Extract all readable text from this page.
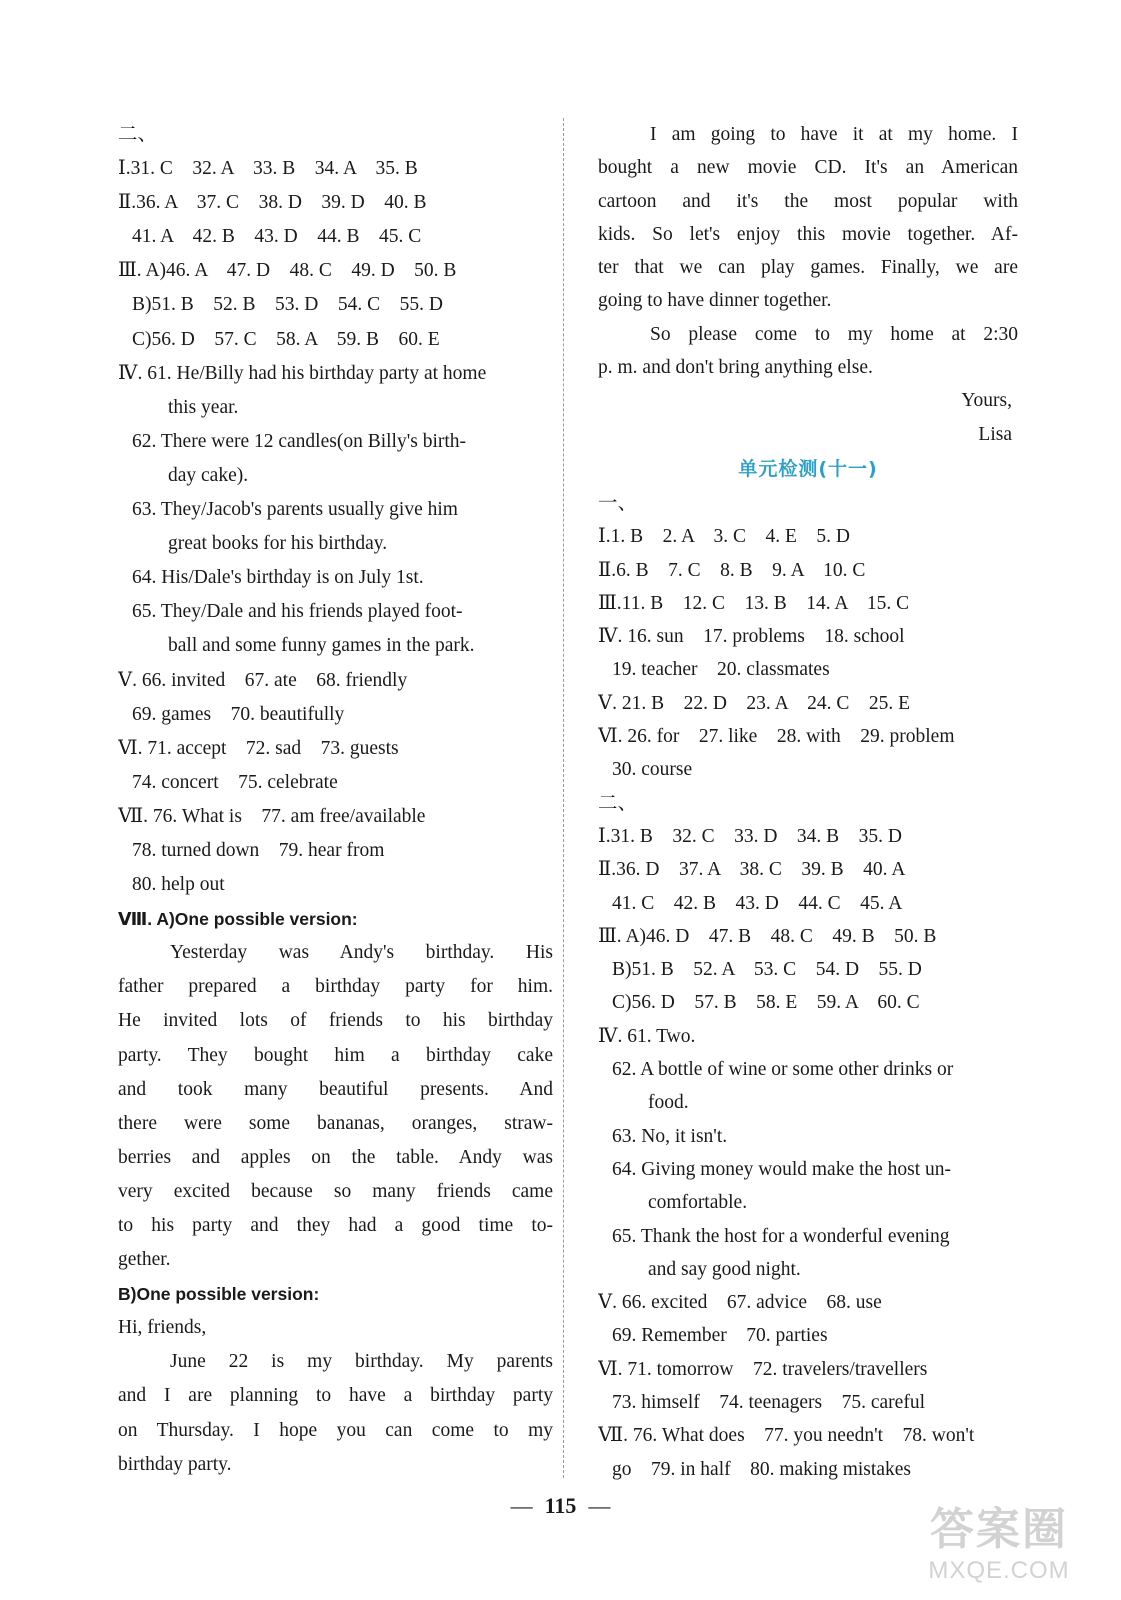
二、
Ⅰ.31. C　32. A　33. B　34. A　35. B
Ⅱ.36. A　37. C　38. D　39. D　40. B
41. A　42. B　43. D　44. B　45. C
Ⅲ. A)46. A　47. D　48. C　49. D　50. B
B)51. B　52. B　53. D　54. C　55. D
C)56. D　57. C　58. A　59. B　60. E
Ⅳ. 61. He/Billy had his birthday party at home
this year.
62. There were 12 candles(on Billy's birth-
day cake).
63. They/Jacob's parents usually give him
great books for his birthday.
64. His/Dale's birthday is on July 1st.
65. They/Dale and his friends played foot-
ball and some funny games in the park.
Ⅴ. 66. invited　67. ate　68. friendly
69. games　70. beautifully
Ⅵ. 71. accept　72. sad　73. guests
74. concert　75. celebrate
Ⅶ. 76. What is　77. am free/available
78. turned down　79. hear from
80. help out
Ⅷ. A)One possible version:
Yesterday was Andy's birthday. His
father prepared a birthday party for him.
He invited lots of friends to his birthday
party. They bought him a birthday cake
and took many beautiful presents. And
there were some bananas, oranges, straw-
berries and apples on the table. Andy was
very excited because so many friends came
to his party and they had a good time to-
gether.
B)One possible version:
Hi, friends,
June 22 is my birthday. My parents
and I are planning to have a birthday party
on Thursday. I hope you can come to my
birthday party.
I am going to have it at my home. I
bought a new movie CD. It's an American
cartoon and it's the most popular with
kids. So let's enjoy this movie together. Af-
ter that we can play games. Finally, we are
going to have dinner together.
So please come to my home at 2:30
p. m. and don't bring anything else.
Yours,
Lisa
单元检测(十一)
一、
Ⅰ.1. B　2. A　3. C　4. E　5. D
Ⅱ.6. B　7. C　8. B　9. A　10. C
Ⅲ.11. B　12. C　13. B　14. A　15. C
Ⅳ. 16. sun　17. problems　18. school
19. teacher　20. classmates
Ⅴ. 21. B　22. D　23. A　24. C　25. E
Ⅵ. 26. for　27. like　28. with　29. problem
30. course
二、
Ⅰ.31. B　32. C　33. D　34. B　35. D
Ⅱ.36. D　37. A　38. C　39. B　40. A
41. C　42. B　43. D　44. C　45. A
Ⅲ. A)46. D　47. B　48. C　49. B　50. B
B)51. B　52. A　53. C　54. D　55. D
C)56. D　57. B　58. E　59. A　60. C
Ⅳ. 61. Two.
62. A bottle of wine or some other drinks or
food.
63. No, it isn't.
64. Giving money would make the host un-
comfortable.
65. Thank the host for a wonderful evening
and say good night.
Ⅴ. 66. excited　67. advice　68. use
69. Remember　70. parties
Ⅵ. 71. tomorrow　72. travelers/travellers
73. himself　74. teenagers　75. careful
Ⅶ. 76. What does　77. you needn't　78. won't
go　79. in half　80. making mistakes
— 115 —	答案圈
MXQE.COM
